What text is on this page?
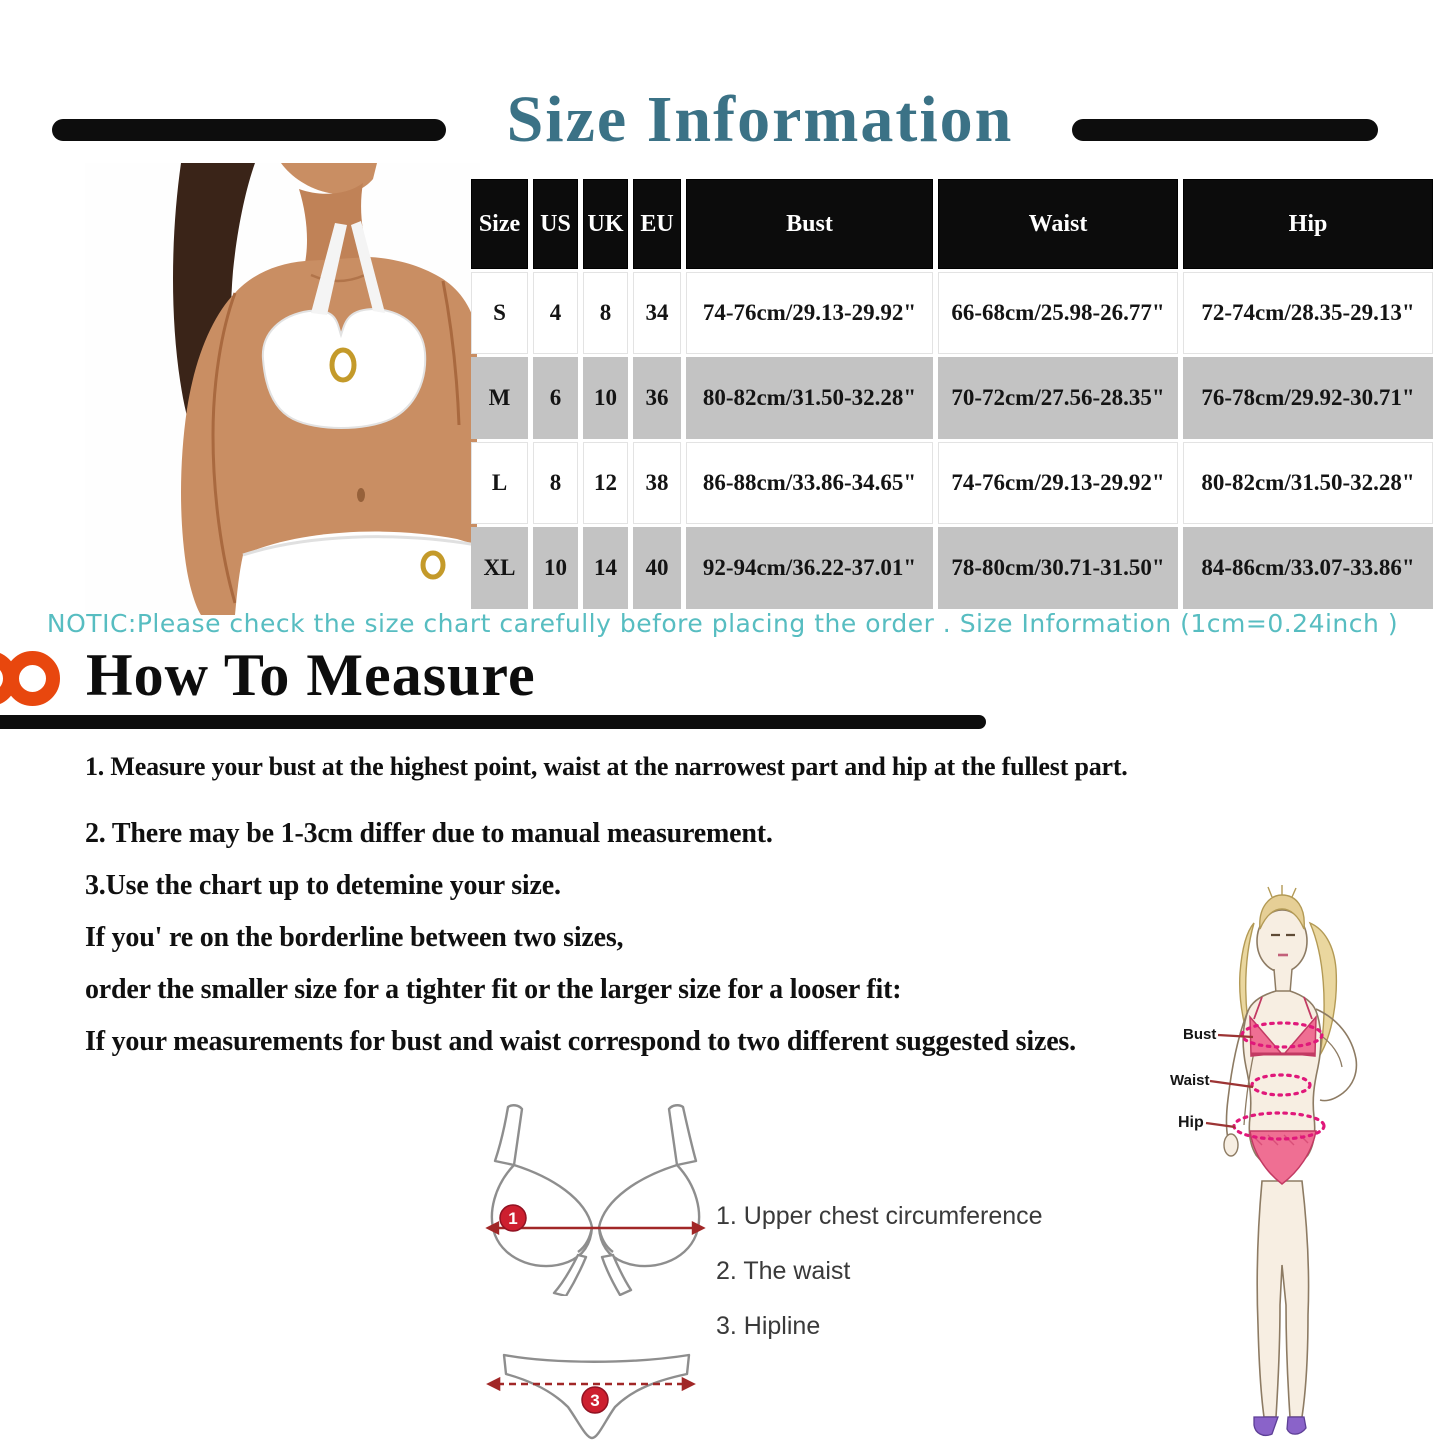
Size Information
Size	US	UK	EU	Bust	Waist	Hip
S	4	8	34	74-76cm/29.13-29.92"	66-68cm/25.98-26.77"	72-74cm/28.35-29.13"
M	6	10	36	80-82cm/31.50-32.28"	70-72cm/27.56-28.35"	76-78cm/29.92-30.71"
L	8	12	38	86-88cm/33.86-34.65"	74-76cm/29.13-29.92"	80-82cm/31.50-32.28"
XL	10	14	40	92-94cm/36.22-37.01"	78-80cm/30.71-31.50"	84-86cm/33.07-33.86"
NOTIC:Please check the size chart carefully before placing the order . Size Information (1cm=0.24inch )
How To Measure

1. Measure your bust at the highest point, waist at the narrowest part and hip at the fullest part.

2. There may be 1-3cm differ due to manual measurement.

3.Use the chart up to detemine your size.

If you' re on the borderline between two sizes,

order the smaller size for a tighter fit or the larger size for a looser fit:

If your measurements for bust and waist correspond to two different suggested sizes.

1
3
1. Upper chest circumference
2. The waist
3. Hipline
Bust
Waist
Hip
